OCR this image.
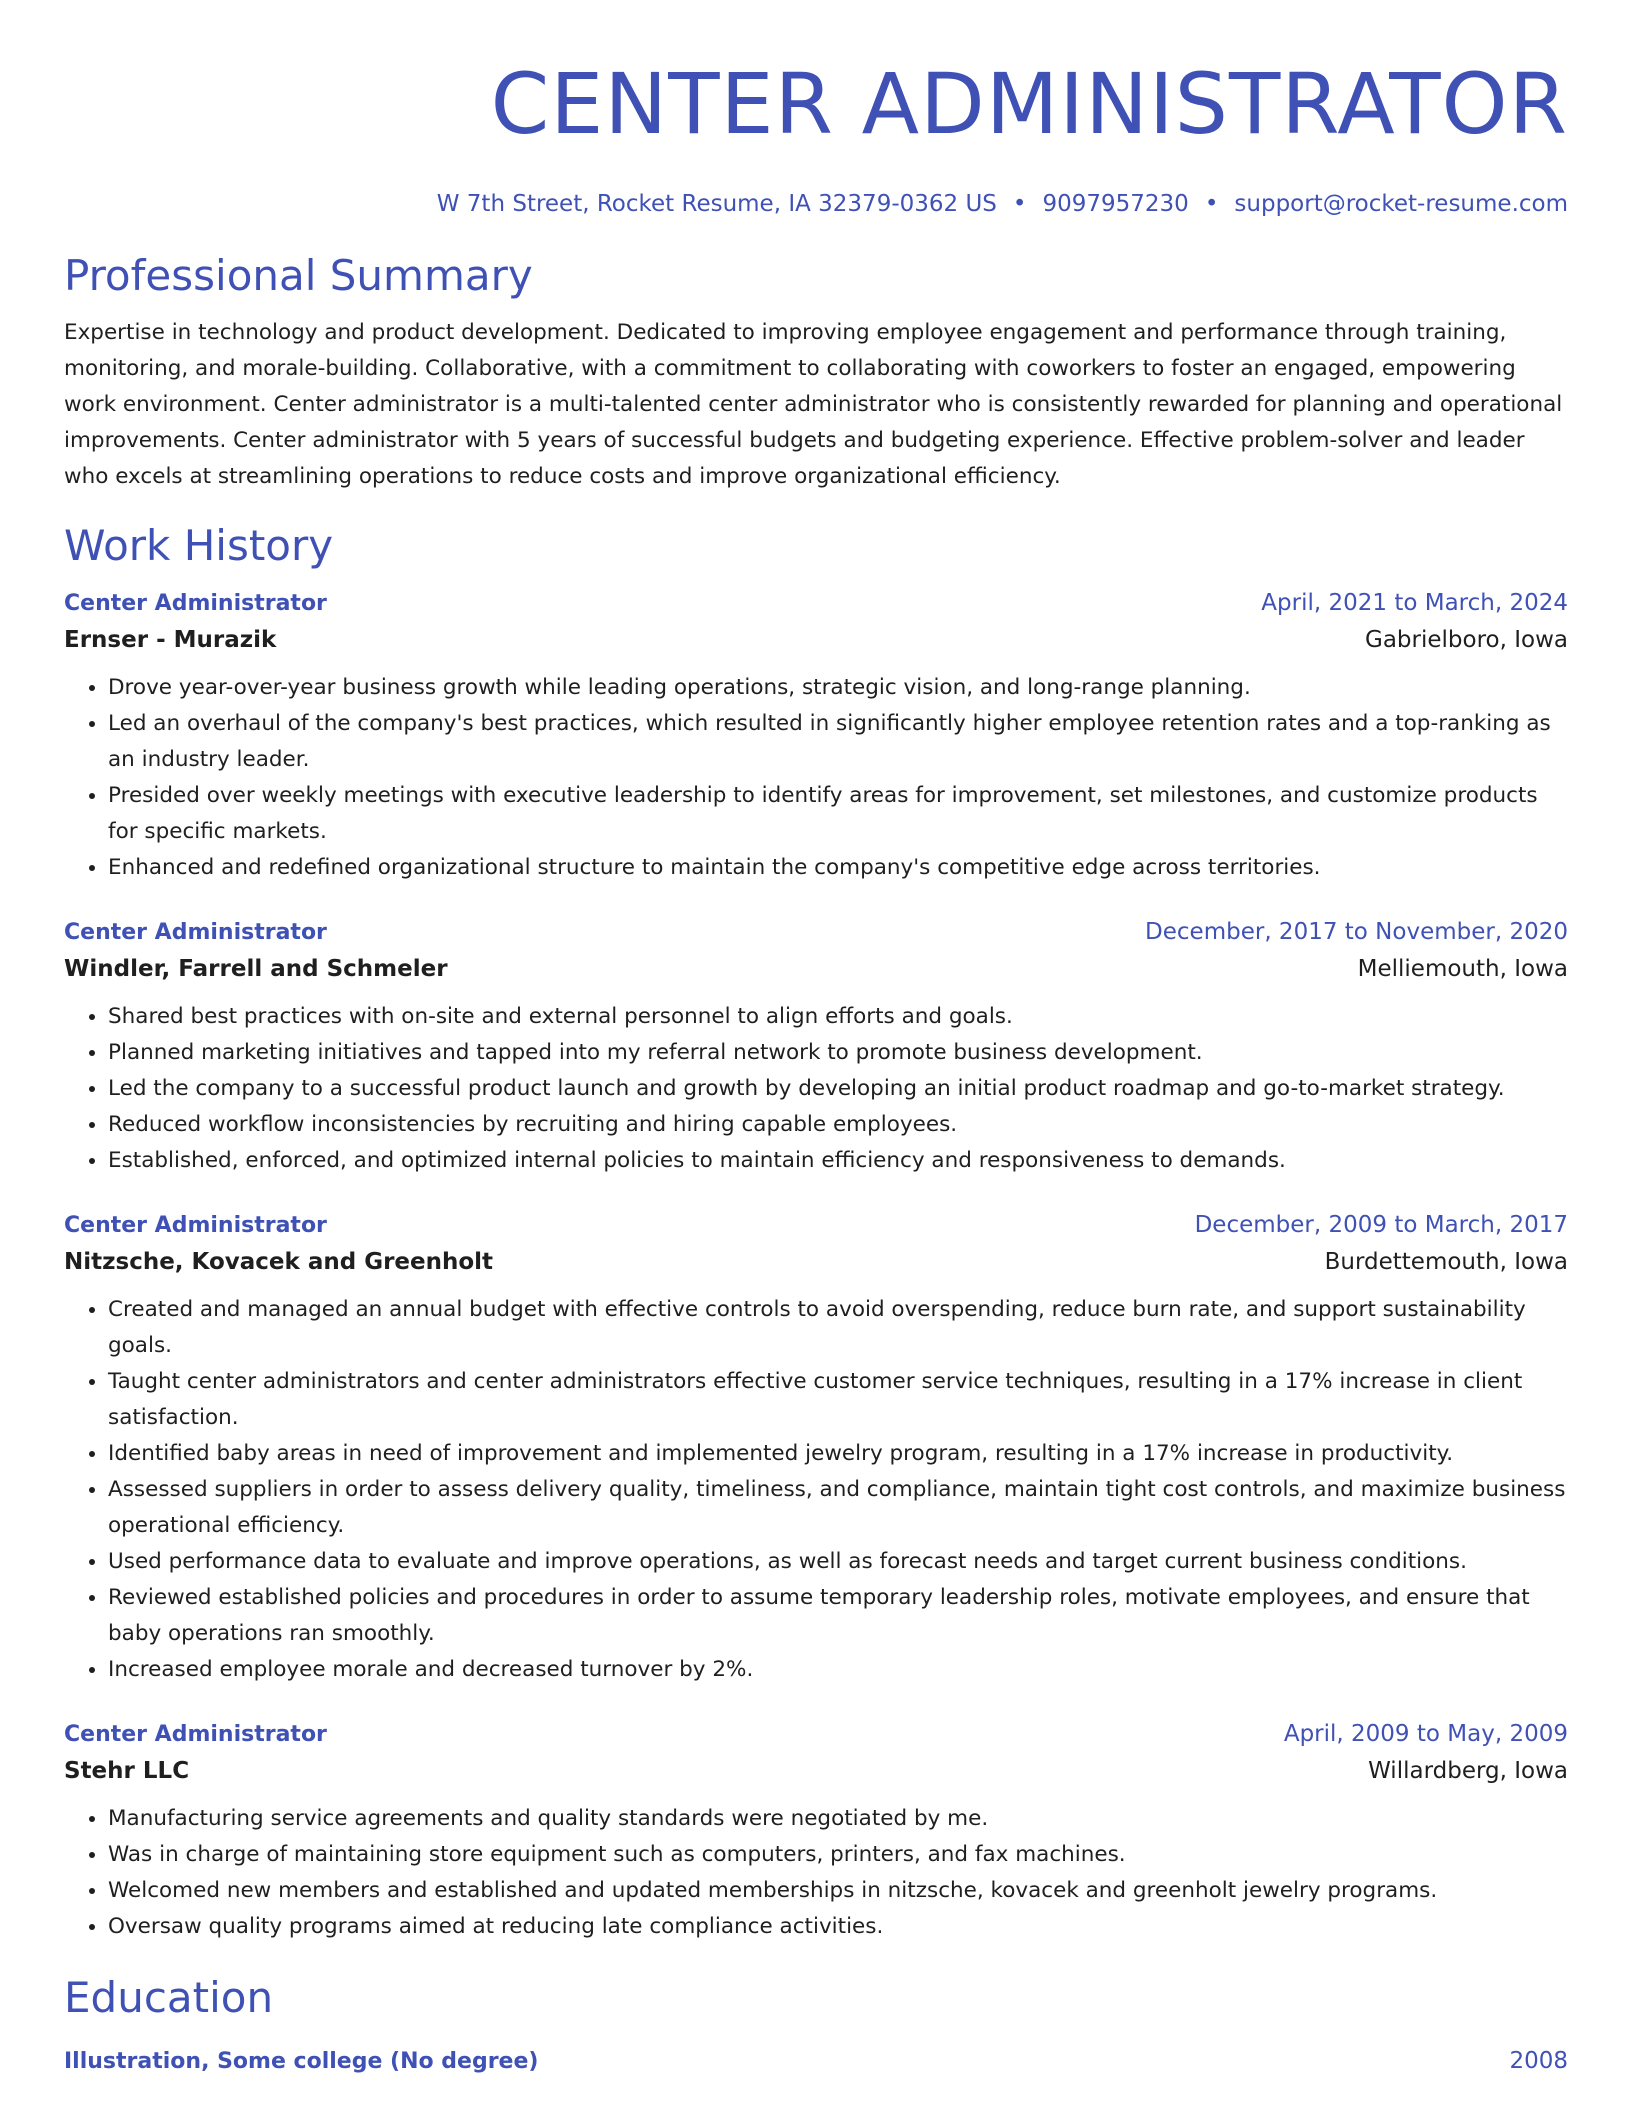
CENTER ADMINISTRATOR
W 7th Street, Rocket Resume, IA 32379-0362 US • 9097957230 • support@rocket-resume.com
Professional Summary

Expertise in technology and product development. Dedicated to improving employee engagement and performance through training, monitoring, and morale-building. Collaborative, with a commitment to collaborating with coworkers to foster an engaged, empowering work environment. Center administrator is a multi-talented center administrator who is consistently rewarded for planning and operational improvements. Center administrator with 5 years of successful budgets and budgeting experience. Effective problem-solver and leader who excels at streamlining operations to reduce costs and improve organizational efficiency.

Work History
Center Administrator	April, 2021 to March, 2024
Ernser - Murazik	Gabrielboro, Iowa
• Drove year-over-year business growth while leading operations, strategic vision, and long-range planning.
• Led an overhaul of the company's best practices, which resulted in significantly higher employee retention rates and a top-ranking as an industry leader.
• Presided over weekly meetings with executive leadership to identify areas for improvement, set milestones, and customize products for specific markets.
• Enhanced and redefined organizational structure to maintain the company's competitive edge across territories.
Center Administrator	December, 2017 to November, 2020
Windler, Farrell and Schmeler	Melliemouth, Iowa
• Shared best practices with on-site and external personnel to align efforts and goals.
• Planned marketing initiatives and tapped into my referral network to promote business development.
• Led the company to a successful product launch and growth by developing an initial product roadmap and go-to-market strategy.
• Reduced workflow inconsistencies by recruiting and hiring capable employees.
• Established, enforced, and optimized internal policies to maintain efficiency and responsiveness to demands.
Center Administrator	December, 2009 to March, 2017
Nitzsche, Kovacek and Greenholt	Burdettemouth, Iowa
• Created and managed an annual budget with effective controls to avoid overspending, reduce burn rate, and support sustainability goals.
• Taught center administrators and center administrators effective customer service techniques, resulting in a 17% increase in client satisfaction.
• Identified baby areas in need of improvement and implemented jewelry program, resulting in a 17% increase in productivity.
• Assessed suppliers in order to assess delivery quality, timeliness, and compliance, maintain tight cost controls, and maximize business operational efficiency.
• Used performance data to evaluate and improve operations, as well as forecast needs and target current business conditions.
• Reviewed established policies and procedures in order to assume temporary leadership roles, motivate employees, and ensure that baby operations ran smoothly.
• Increased employee morale and decreased turnover by 2%.
Center Administrator	April, 2009 to May, 2009
Stehr LLC	Willardberg, Iowa
• Manufacturing service agreements and quality standards were negotiated by me.
• Was in charge of maintaining store equipment such as computers, printers, and fax machines.
• Welcomed new members and established and updated memberships in nitzsche, kovacek and greenholt jewelry programs.
• Oversaw quality programs aimed at reducing late compliance activities.
Education
Illustration, Some college (No degree)	2008
